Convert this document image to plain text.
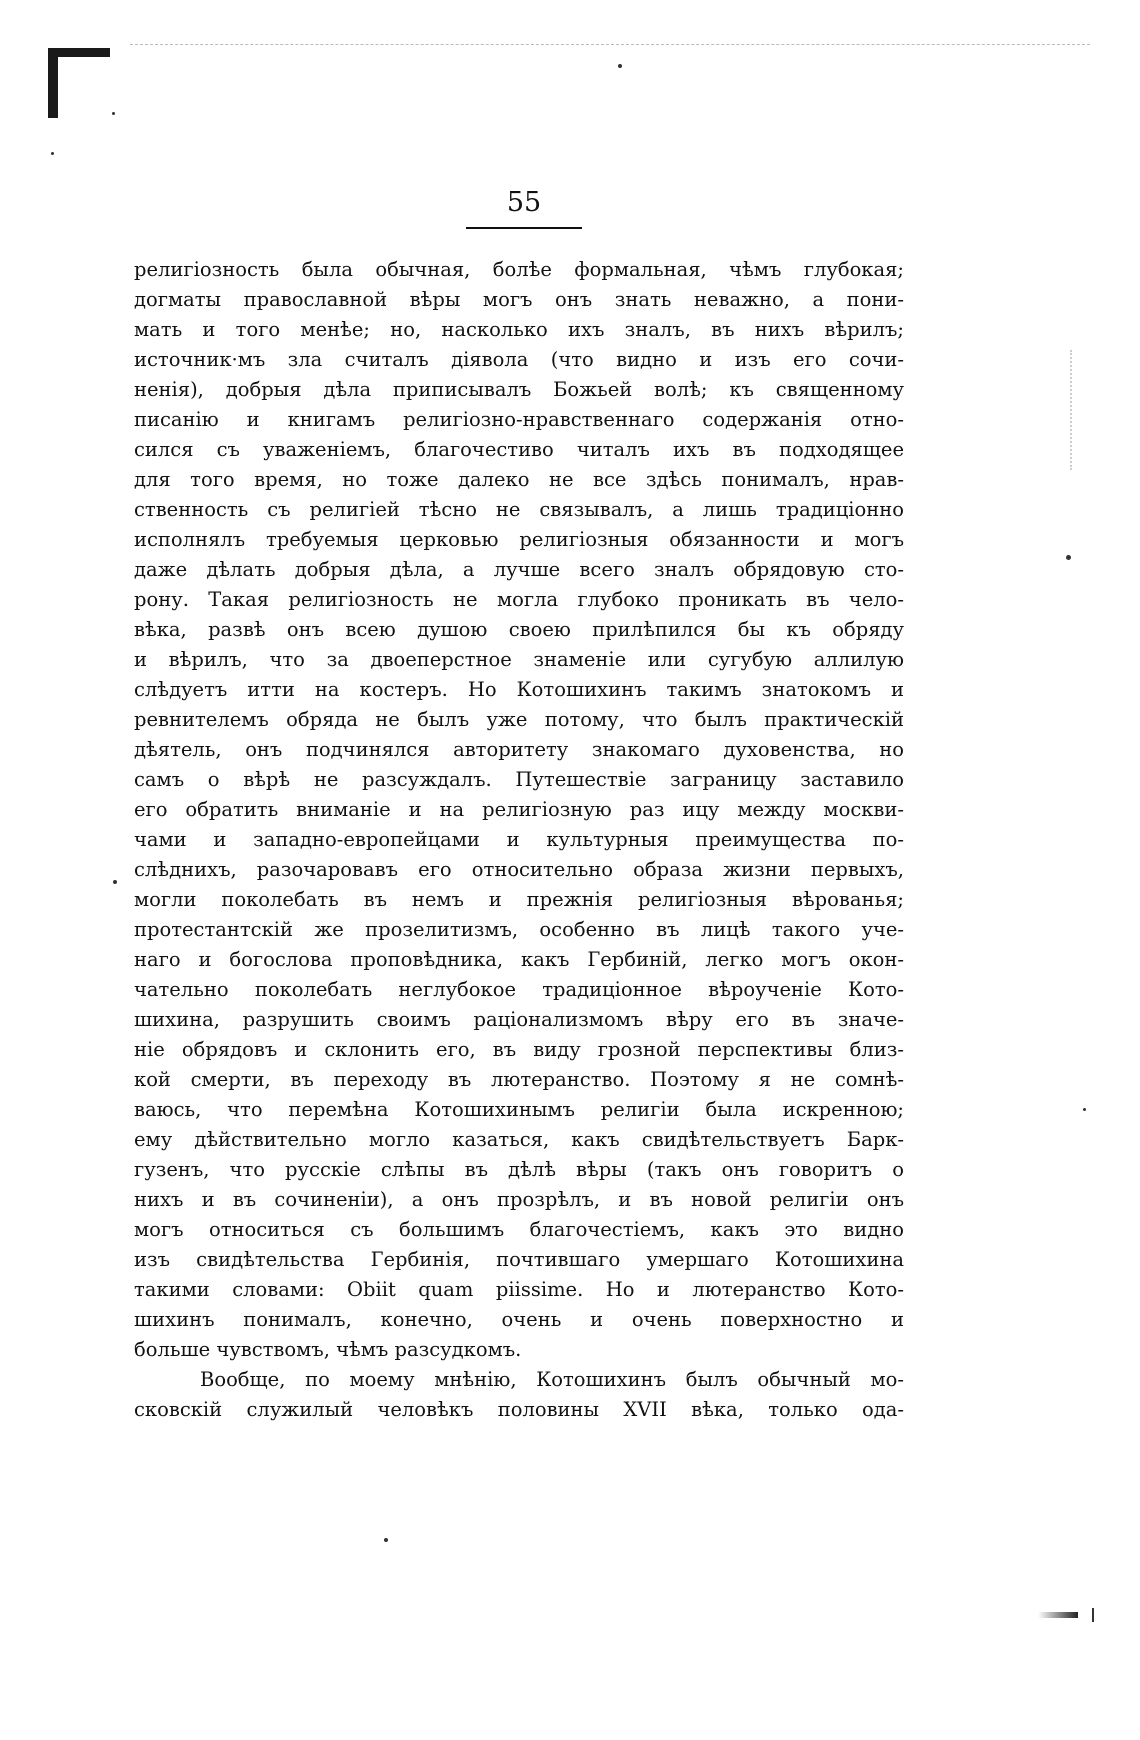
55
религіозность была обычная, болѣе формальная, чѣмъ глубокая;
догматы православной вѣры могъ онъ знать неважно, а пони-
мать и того менѣе; но, насколько ихъ зналъ, въ нихъ вѣрилъ;
источник·мъ зла считалъ діявола (что видно и изъ его сочи-
ненія), добрыя дѣла приписывалъ Божьей волѣ; къ священному
писанію и книгамъ религіозно-нравственнаго содержанія отно-
сился съ уваженіемъ, благочестиво читалъ ихъ въ подходящее
для того время, но тоже далеко не все здѣсь понималъ, нрав-
ственность съ религіей тѣсно не связывалъ, а лишь традиціонно
исполнялъ требуемыя церковью религіозныя обязанности и могъ
даже дѣлать добрыя дѣла, а лучше всего зналъ обрядовую сто-
рону. Такая религіозность не могла глубоко проникать въ чело-
вѣка, развѣ онъ всею душою своею прилѣпился бы къ обряду
и вѣрилъ, что за двоеперстное знаменіе или сугубую аллилую
слѣдуетъ итти на костеръ. Но Котошихинъ такимъ знатокомъ и
ревнителемъ обряда не былъ уже потому, что былъ практическій
дѣятель, онъ подчинялся авторитету знакомаго духовенства, но
самъ о вѣрѣ не разсуждалъ. Путешествіе заграницу заставило
его обратить вниманіе и на религіозную раз ицу между москви-
чами и западно-европейцами и культурныя преимущества по-
слѣднихъ, разочаровавъ его относительно образа жизни первыхъ,
могли поколебать въ немъ и прежнія религіозныя вѣрованья;
протестантскій же прозелитизмъ, особенно въ лицѣ такого уче-
наго и богослова проповѣдника, какъ Гербиній, легко могъ окон-
чательно поколебать неглубокое традиціонное вѣроученіе Кото-
шихина, разрушить своимъ раціонализмомъ вѣру его въ значе-
ніе обрядовъ и склонить его, въ виду грозной перспективы близ-
кой смерти, въ переходу въ лютеранство. Поэтому я не сомнѣ-
ваюсь, что перемѣна Котошихинымъ религіи была искренною;
ему дѣйствительно могло казаться, какъ свидѣтельствуетъ Барк-
гузенъ, что русскіе слѣпы въ дѣлѣ вѣры (такъ онъ говоритъ о
нихъ и въ сочиненіи), а онъ прозрѣлъ, и въ новой религіи онъ
могъ относиться съ большимъ благочестіемъ, какъ это видно
изъ свидѣтельства Гербинія, почтившаго умершаго Котошихина
такими словами: Obiit quam piissime. Но и лютеранство Кото-
шихинъ понималъ, конечно, очень и очень поверхностно и
больше чувствомъ, чѣмъ разсудкомъ.
Вообще, по моему мнѣнію, Котошихинъ былъ обычный мо-
сковскій служилый человѣкъ половины XVII вѣка, только ода-
